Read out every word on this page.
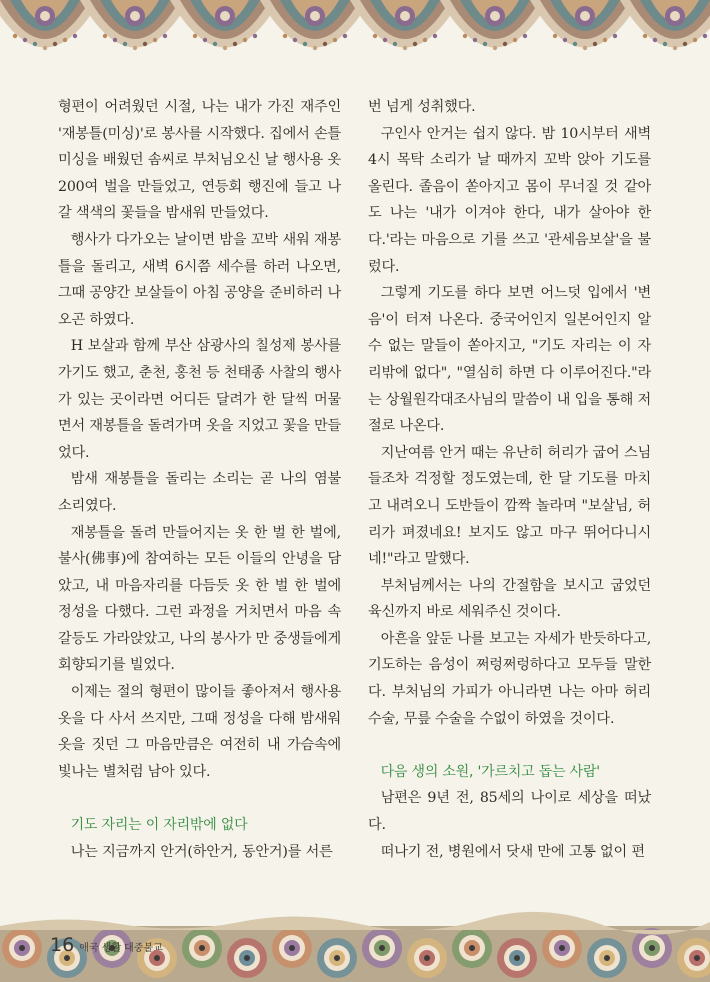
형편이 어려웠던 시절, 나는 내가 가진 재주인 '재봉틀(미싱)'로 봉사를 시작했다. 집에서 손틀 미싱을 배웠던 솜씨로 부처님오신 날 행사용 옷 200여 벌을 만들었고, 연등회 행진에 들고 나갈 색색의 꽃들을 밤새워 만들었다.

행사가 다가오는 날이면 밤을 꼬박 새워 재봉틀을 돌리고, 새벽 6시쯤 세수를 하러 나오면, 그때 공양간 보살들이 아침 공양을 준비하러 나오곤 하였다.

H 보살과 함께 부산 삼광사의 칠성제 봉사를 가기도 했고, 춘천, 홍천 등 천태종 사찰의 행사가 있는 곳이라면 어디든 달려가 한 달씩 머물면서 재봉틀을 돌려가며 옷을 지었고 꽃을 만들었다.

밤새 재봉틀을 돌리는 소리는 곧 나의 염불 소리였다.

재봉틀을 돌려 만들어지는 옷 한 벌 한 벌에, 불사(佛事)에 참여하는 모든 이들의 안녕을 담았고, 내 마음자리를 다듬듯 옷 한 벌 한 벌에 정성을 다했다. 그런 과정을 거치면서 마음 속 갈등도 가라앉았고, 나의 봉사가 만 중생들에게 회향되기를 빌었다.

이제는 절의 형편이 많이들 좋아져서 행사용 옷을 다 사서 쓰지만, 그때 정성을 다해 밤새워 옷을 짓던 그 마음만큼은 여전히 내 가슴속에 빛나는 별처럼 남아 있다.

기도 자리는 이 자리밖에 없다

나는 지금까지 안거(하안거, 동안거)를 서른

번 넘게 성취했다.

구인사 안거는 쉽지 않다. 밤 10시부터 새벽 4시 목탁 소리가 날 때까지 꼬박 앉아 기도를 올린다. 졸음이 쏟아지고 몸이 무너질 것 같아도 나는 '내가 이겨야 한다, 내가 살아야 한다.'라는 마음으로 기를 쓰고 '관세음보살'을 불렀다.

그렇게 기도를 하다 보면 어느덧 입에서 '변음'이 터져 나온다. 중국어인지 일본어인지 알 수 없는 말들이 쏟아지고, "기도 자리는 이 자리밖에 없다", "열심히 하면 다 이루어진다."라는 상월원각대조사님의 말씀이 내 입을 통해 저절로 나온다.

지난여름 안거 때는 유난히 허리가 굽어 스님들조차 걱정할 정도였는데, 한 달 기도를 마치고 내려오니 도반들이 깜짝 놀라며 "보살님, 허리가 펴졌네요! 보지도 않고 마구 뛰어다니시네!"라고 말했다.

부처님께서는 나의 간절함을 보시고 굽었던 육신까지 바로 세워주신 것이다.

아흔을 앞둔 나를 보고는 자세가 반듯하다고, 기도하는 음성이 쩌렁쩌렁하다고 모두들 말한다. 부처님의 가피가 아니라면 나는 아마 허리 수술, 무릎 수술을 수없이 하였을 것이다.

다음 생의 소원, '가르치고 돕는 사람'

남편은 9년 전, 85세의 나이로 세상을 떠났다.

떠나기 전, 병원에서 닷새 만에 고통 없이 편

16 애국 생활 대중불교
